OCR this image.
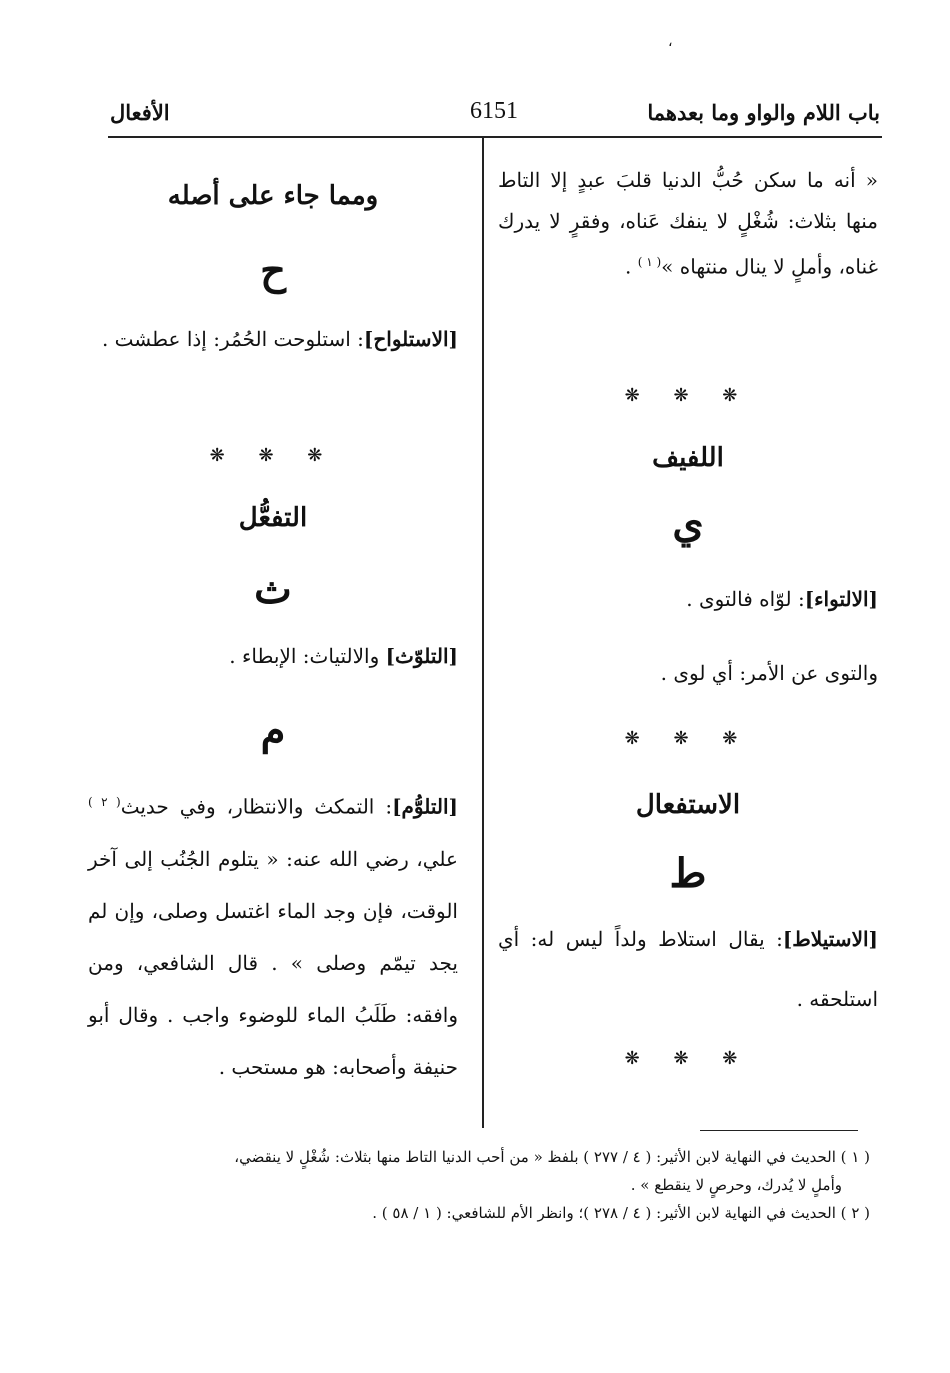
،
باب اللام والواو وما بعدهما
6151
الأفعال

« أنه ما سكن حُبُّ الدنيا قلبَ عبدٍ إلا التاط منها بثلاث: شُغْلٍ لا ينفك عَناه، وفقرٍ لا يدرك غناه، وأملٍ لا ينال منتهاه »$^{( ١ )}$ .

❋ ❋ ❋

اللفيف

ي

[الالتواء]: لوّاه فالتوى .

والتوى عن الأمر: أي لوى .

❋ ❋ ❋

الاستفعال

ط

[الاستيلاط]: يقال استلاط ولداً ليس له: أي استلحقه .

❋ ❋ ❋

ومما جاء على أصله

ح

[الاستلواح]: استلوحت الحُمُر: إذا عطشت .

❋ ❋ ❋

التفعُّل

ث

[التلوّث] والالتياث: الإبطاء .

م

[التلوُّم]: التمكث والانتظار، وفي حديث$^{( ٢ )}$ علي، رضي الله عنه: « يتلوم الجُنُب إلى آخر الوقت، فإن وجد الماء اغتسل وصلى، وإن لم يجد تيمّم وصلى » . قال الشافعي، ومن وافقه: طَلَبُ الماء للوضوء واجب . وقال أبو حنيفة وأصحابه: هو مستحب .

( ١ ) الحديث في النهاية لابن الأثير: ( ٤ / ٢٧٧ ) بلفظ « من أحب الدنيا التاط منها بثلاث: شُغْلٍ لا ينقضي،

وأملٍ لا يُدرك، وحرصٍ لا ينقطع » .

( ٢ ) الحديث في النهاية لابن الأثير: ( ٤ / ٢٧٨ )؛ وانظر الأم للشافعي: ( ١ / ٥٨ ) .
